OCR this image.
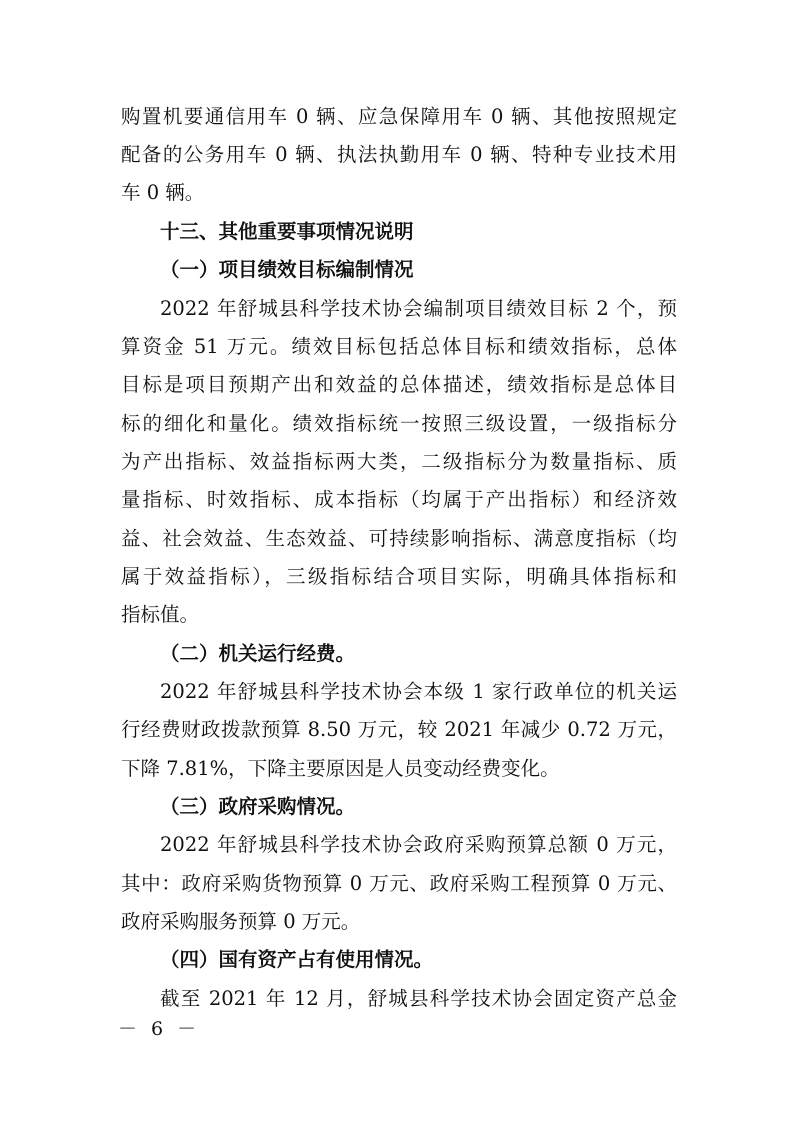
购置机要通信用车 0 辆、应急保障用车 0 辆、其他按照规定
配备的公务用车 0 辆、执法执勤用车 0 辆、特种专业技术用
车 0 辆。
十三、其他重要事项情况说明
（一）项目绩效目标编制情况
2022 年舒城县科学技术协会编制项目绩效目标 2 个，预
算资金 51 万元。绩效目标包括总体目标和绩效指标，总体
目标是项目预期产出和效益的总体描述，绩效指标是总体目
标的细化和量化。绩效指标统一按照三级设置，一级指标分
为产出指标、效益指标两大类，二级指标分为数量指标、质
量指标、时效指标、成本指标（均属于产出指标）和经济效
益、社会效益、生态效益、可持续影响指标、满意度指标（均
属于效益指标），三级指标结合项目实际，明确具体指标和
指标值。
（二）机关运行经费。
2022 年舒城县科学技术协会本级 1 家行政单位的机关运
行经费财政拨款预算 8.50 万元，较 2021 年减少 0.72 万元，
下降 7.81%，下降主要原因是人员变动经费变化。
（三）政府采购情况。
2022 年舒城县科学技术协会政府采购预算总额 0 万元，
其中：政府采购货物预算 0 万元、政府采购工程预算 0 万元、
政府采购服务预算 0 万元。
（四）国有资产占有使用情况。
截至 2021 年 12 月，舒城县科学技术协会固定资产总金
－ 6 －
